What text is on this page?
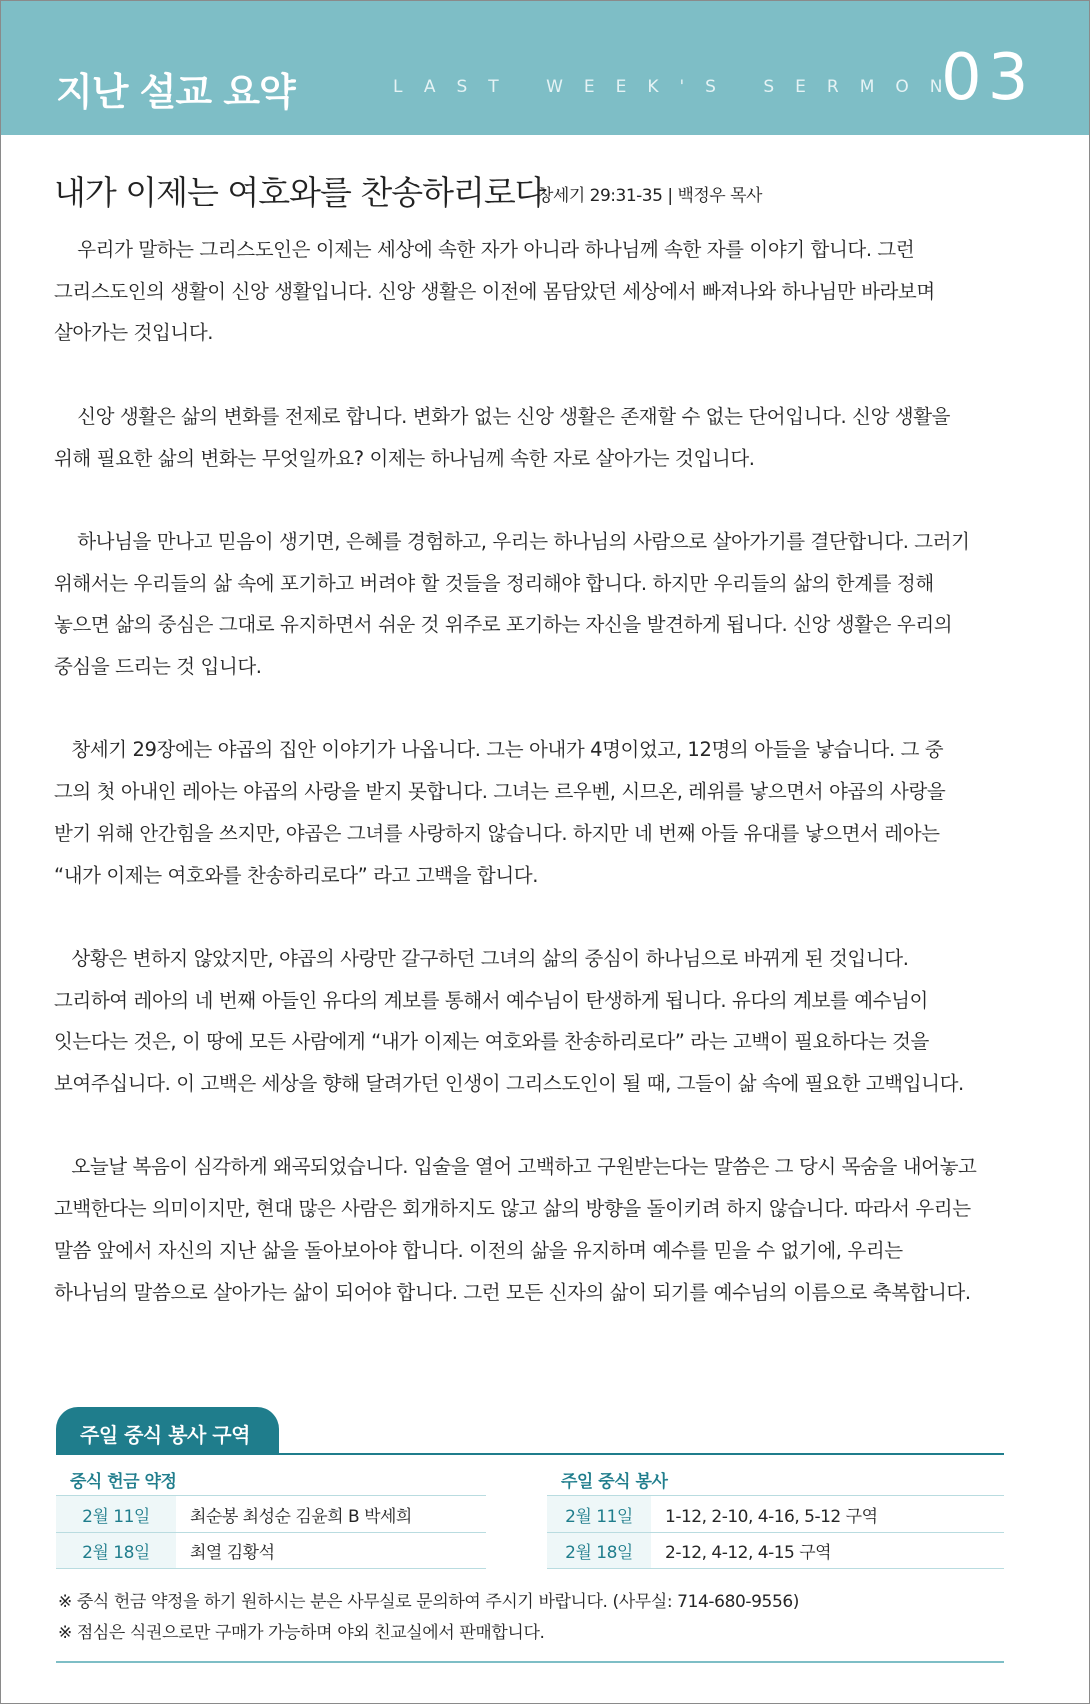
지난 설교 요약	LAST WEEK'S SERMON
03
내가 이제는 여호와를 찬송하리로다
창세기 29:31-35 | 백정우 목사
우리가 말하는 그리스도인은 이제는 세상에 속한 자가 아니라 하나님께 속한 자를 이야기 합니다. 그런
그리스도인의 생활이 신앙 생활입니다. 신앙 생활은 이전에 몸담았던 세상에서 빠져나와 하나님만 바라보며
살아가는 것입니다.
신앙 생활은 삶의 변화를 전제로 합니다. 변화가 없는 신앙 생활은 존재할 수 없는 단어입니다. 신앙 생활을
위해 필요한 삶의 변화는 무엇일까요? 이제는 하나님께 속한 자로 살아가는 것입니다.
하나님을 만나고 믿음이 생기면, 은혜를 경험하고, 우리는 하나님의 사람으로 살아가기를 결단합니다. 그러기
위해서는 우리들의 삶 속에 포기하고 버려야 할 것들을 정리해야 합니다. 하지만 우리들의 삶의 한계를 정해
놓으면 삶의 중심은 그대로 유지하면서 쉬운 것 위주로 포기하는 자신을 발견하게 됩니다. 신앙 생활은 우리의
중심을 드리는 것 입니다.
창세기 29장에는 야곱의 집안 이야기가 나옵니다. 그는 아내가 4명이었고, 12명의 아들을 낳습니다. 그 중
그의 첫 아내인 레아는 야곱의 사랑을 받지 못합니다. 그녀는 르우벤, 시므온, 레위를 낳으면서 야곱의 사랑을
받기 위해 안간힘을 쓰지만, 야곱은 그녀를 사랑하지 않습니다. 하지만 네 번째 아들 유대를 낳으면서 레아는
“내가 이제는 여호와를 찬송하리로다” 라고 고백을 합니다.
상황은 변하지 않았지만, 야곱의 사랑만 갈구하던 그녀의 삶의 중심이 하나님으로 바뀌게 된 것입니다.
그리하여 레아의 네 번째 아들인 유다의 계보를 통해서 예수님이 탄생하게 됩니다. 유다의 계보를 예수님이
잇는다는 것은, 이 땅에 모든 사람에게 “내가 이제는 여호와를 찬송하리로다” 라는 고백이 필요하다는 것을
보여주십니다. 이 고백은 세상을 향해 달려가던 인생이 그리스도인이 될 때, 그들이 삶 속에 필요한 고백입니다.
오늘날 복음이 심각하게 왜곡되었습니다. 입술을 열어 고백하고 구원받는다는 말씀은 그 당시 목숨을 내어놓고
고백한다는 의미이지만, 현대 많은 사람은 회개하지도 않고 삶의 방향을 돌이키려 하지 않습니다. 따라서 우리는
말씀 앞에서 자신의 지난 삶을 돌아보아야 합니다. 이전의 삶을 유지하며 예수를 믿을 수 없기에, 우리는
하나님의 말씀으로 살아가는 삶이 되어야 합니다. 그런 모든 신자의 삶이 되기를 예수님의 이름으로 축복합니다.
주일 중식 봉사 구역
중식 헌금 약정
2월 11일	최순봉 최성순 김윤희 B 박세희
2월 18일	최열 김황석
주일 중식 봉사
2월 11일	1-12, 2-10, 4-16, 5-12 구역
2월 18일	2-12, 4-12, 4-15 구역
※ 중식 헌금 약정을 하기 원하시는 분은 사무실로 문의하여 주시기 바랍니다. (사무실: 714-680-9556)
※ 점심은 식권으로만 구매가 가능하며 야외 친교실에서 판매합니다.
